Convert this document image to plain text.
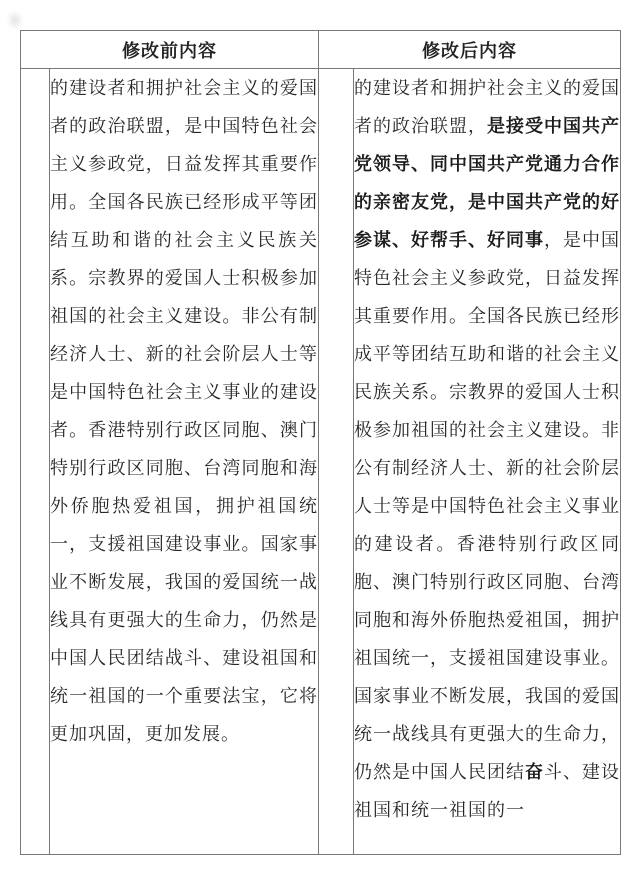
修改前内容		修改后内容	
	的建设者和拥护社会主义的爱国者的政治联盟，是中国特色社会主义参政党，日益发挥其重要作用。全国各民族已经形成平等团结互助和谐的社会主义民族关系。宗教界的爱国人士积极参加祖国的社会主义建设。非公有制经济人士、新的社会阶层人士等是中国特色社会主义事业的建设者。香港特别行政区同胞、澳门特别行政区同胞、台湾同胞和海外侨胞热爱祖国，拥护祖国统一，支援祖国建设事业。国家事业不断发展，我国的爱国统一战线具有更强大的生命力，仍然是中国人民团结战斗、建设祖国和统一祖国的一个重要法宝，它将更加巩固，更加发展。		的建设者和拥护社会主义的爱国者的政治联盟，是接受中国共产党领导、同中国共产党通力合作的亲密友党，是中国共产党的好参谋、好帮手、好同事，是中国特色社会主义参政党，日益发挥其重要作用。全国各民族已经形成平等团结互助和谐的社会主义民族关系。宗教界的爱国人士积极参加祖国的社会主义建设。非公有制经济人士、新的社会阶层人士等是中国特色社会主义事业的建设者。香港特别行政区同胞、澳门特别行政区同胞、台湾同胞和海外侨胞热爱祖国，拥护祖国统一，支援祖国建设事业。国家事业不断发展，我国的爱国统一战线具有更强大的生命力，仍然是中国人民团结奋斗、建设祖国和统一祖国的一
